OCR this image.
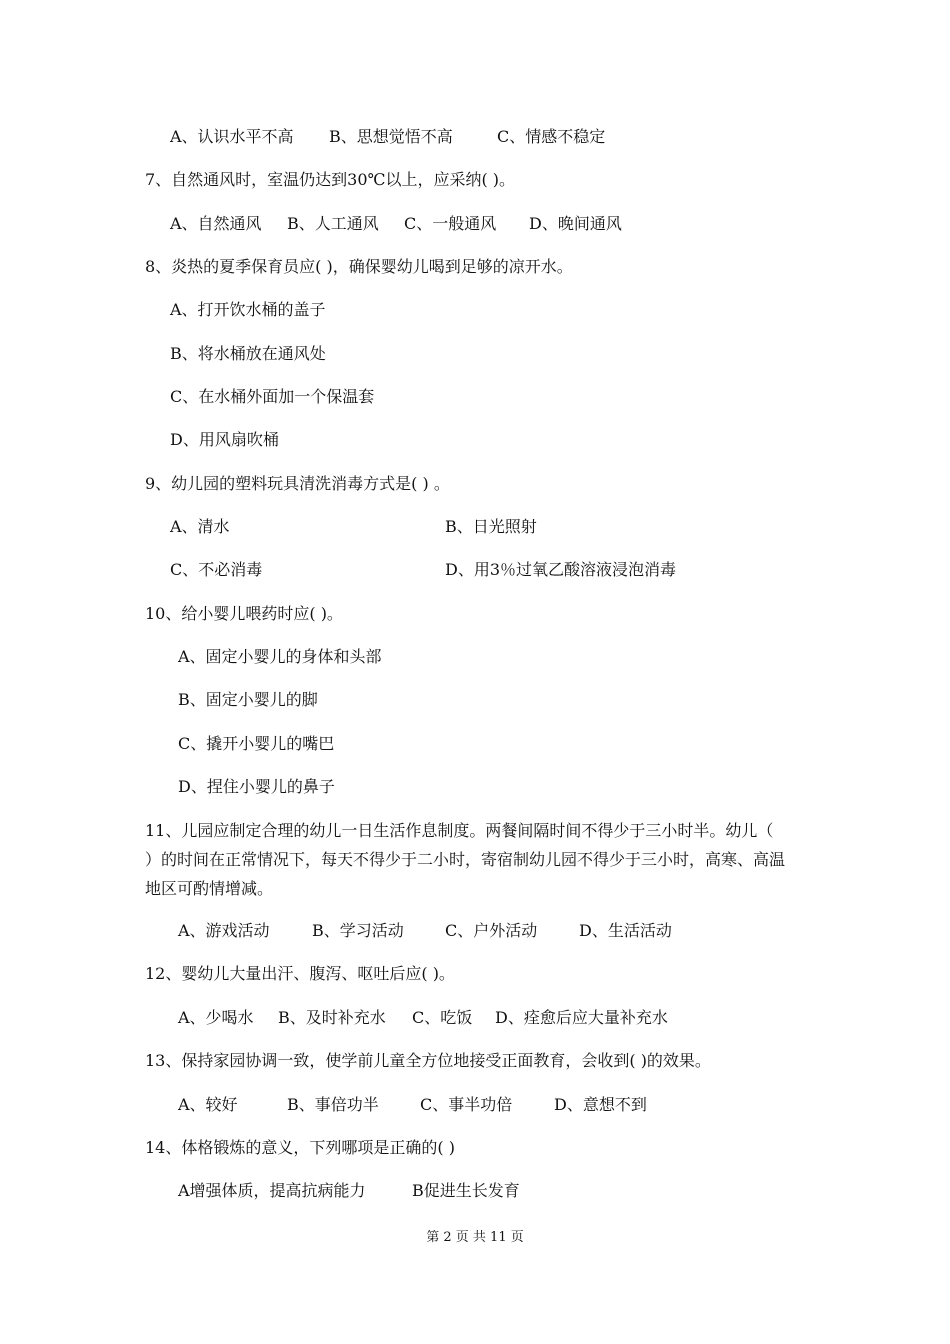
A、认识水平不高 B、思想觉悟不高	C、情感不稳定
7、自然通风时，室温仍达到30℃以上，应采纳( )。
A、自然通风 B、人工通风 C、一般通风 D、晚间通风
8、炎热的夏季保育员应( )，确保婴幼儿喝到足够的凉开水。
A、打开饮水桶的盖子
B、将水桶放在通风处
C、在水桶外面加一个保温套
D、用风扇吹桶
9、幼儿园的塑料玩具清洗消毒方式是( ) 。
A、清水	B、日光照射
C、不必消毒	D、用3％过氧乙酸溶液浸泡消毒
10、给小婴儿喂药时应( )。
A、固定小婴儿的身体和头部
B、固定小婴儿的脚
C、撬开小婴儿的嘴巴
D、捏住小婴儿的鼻子
11、儿园应制定合理的幼儿一日生活作息制度。两餐间隔时间不得少于三小时半。幼儿（
）的时间在正常情况下，每天不得少于二小时，寄宿制幼儿园不得少于三小时，高寒、高温
地区可酌情增减。
A、游戏活动	B、学习活动	C、户外活动	D、生活活动
12、婴幼儿大量出汗、腹泻、呕吐后应( )。
A、少喝水 B、及时补充水 C、吃饭 D、痊愈后应大量补充水
13、保持家园协调一致，使学前儿童全方位地接受正面教育，会收到( )的效果。
A、较好	B、事倍功半	C、事半功倍	D、意想不到
14、体格锻炼的意义，下列哪项是正确的( )
A增强体质，提高抗病能力	B促进生长发育
第 2 页 共 11 页
